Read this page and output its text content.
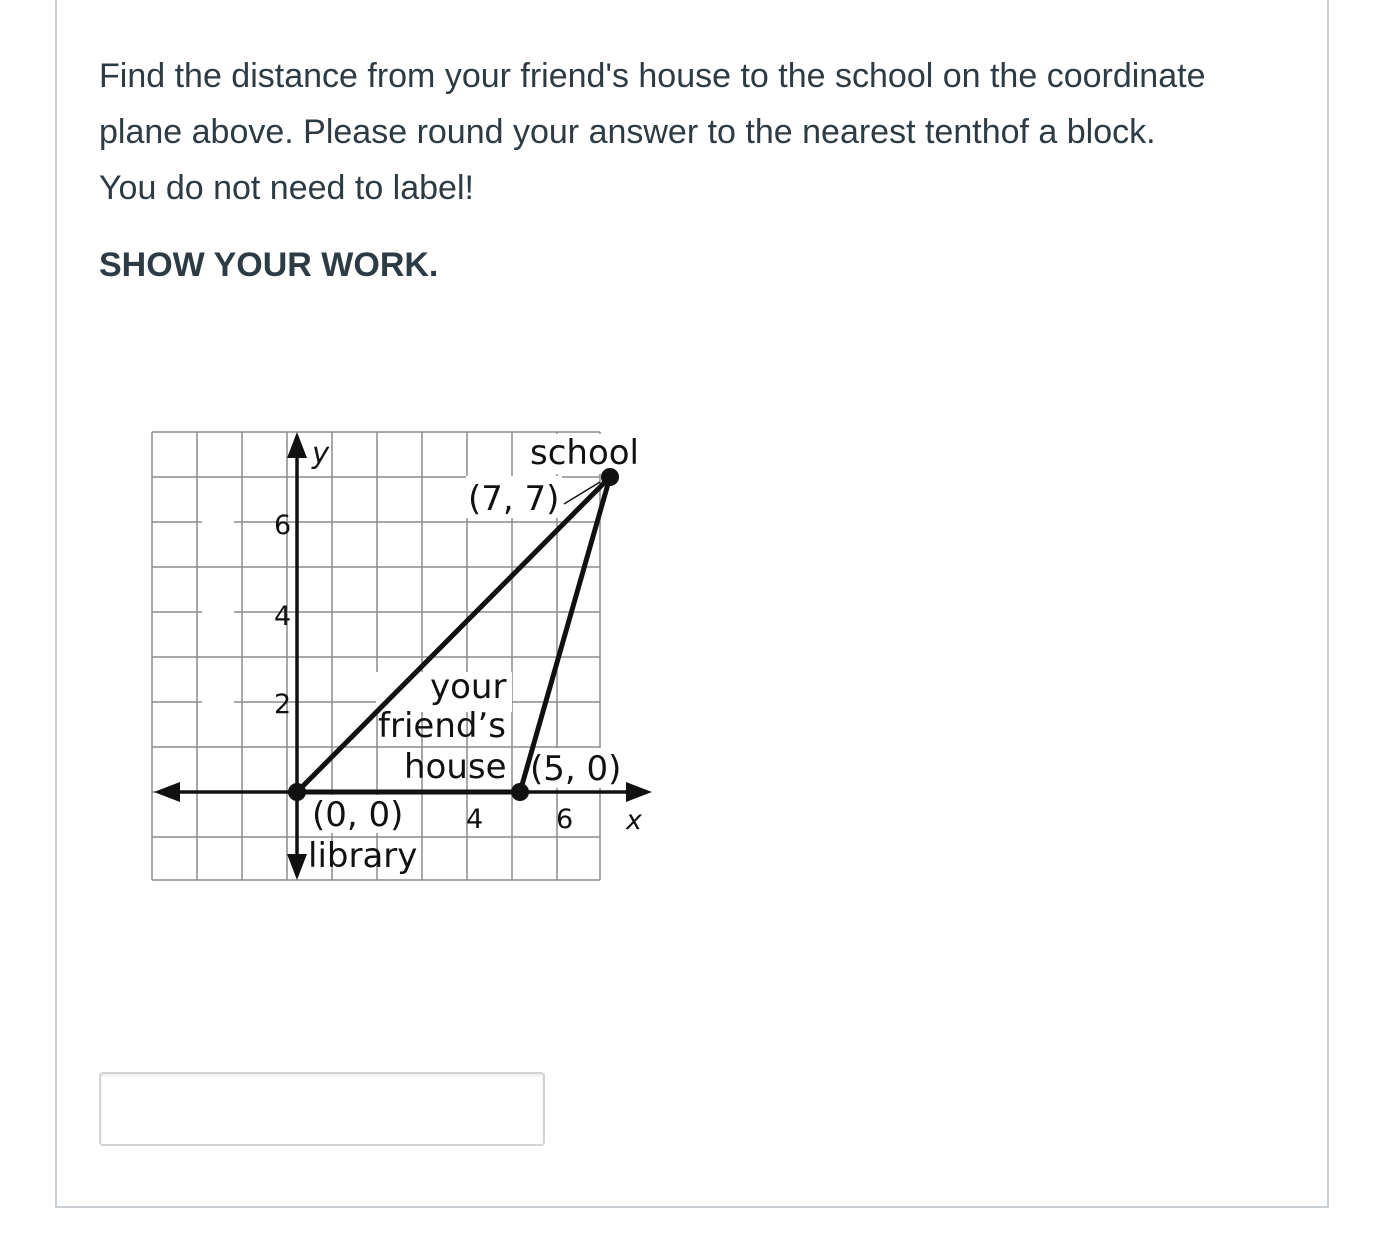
Find the distance from your friend's house to the school on the coordinate plane above. Please round your answer to the nearest tenthof a block. You do not need to label!

SHOW YOUR WORK.

6
4
2
4	6 x
y	school
(7, 7)
your
friend’s
house (5, 0)
(0, 0)
library
